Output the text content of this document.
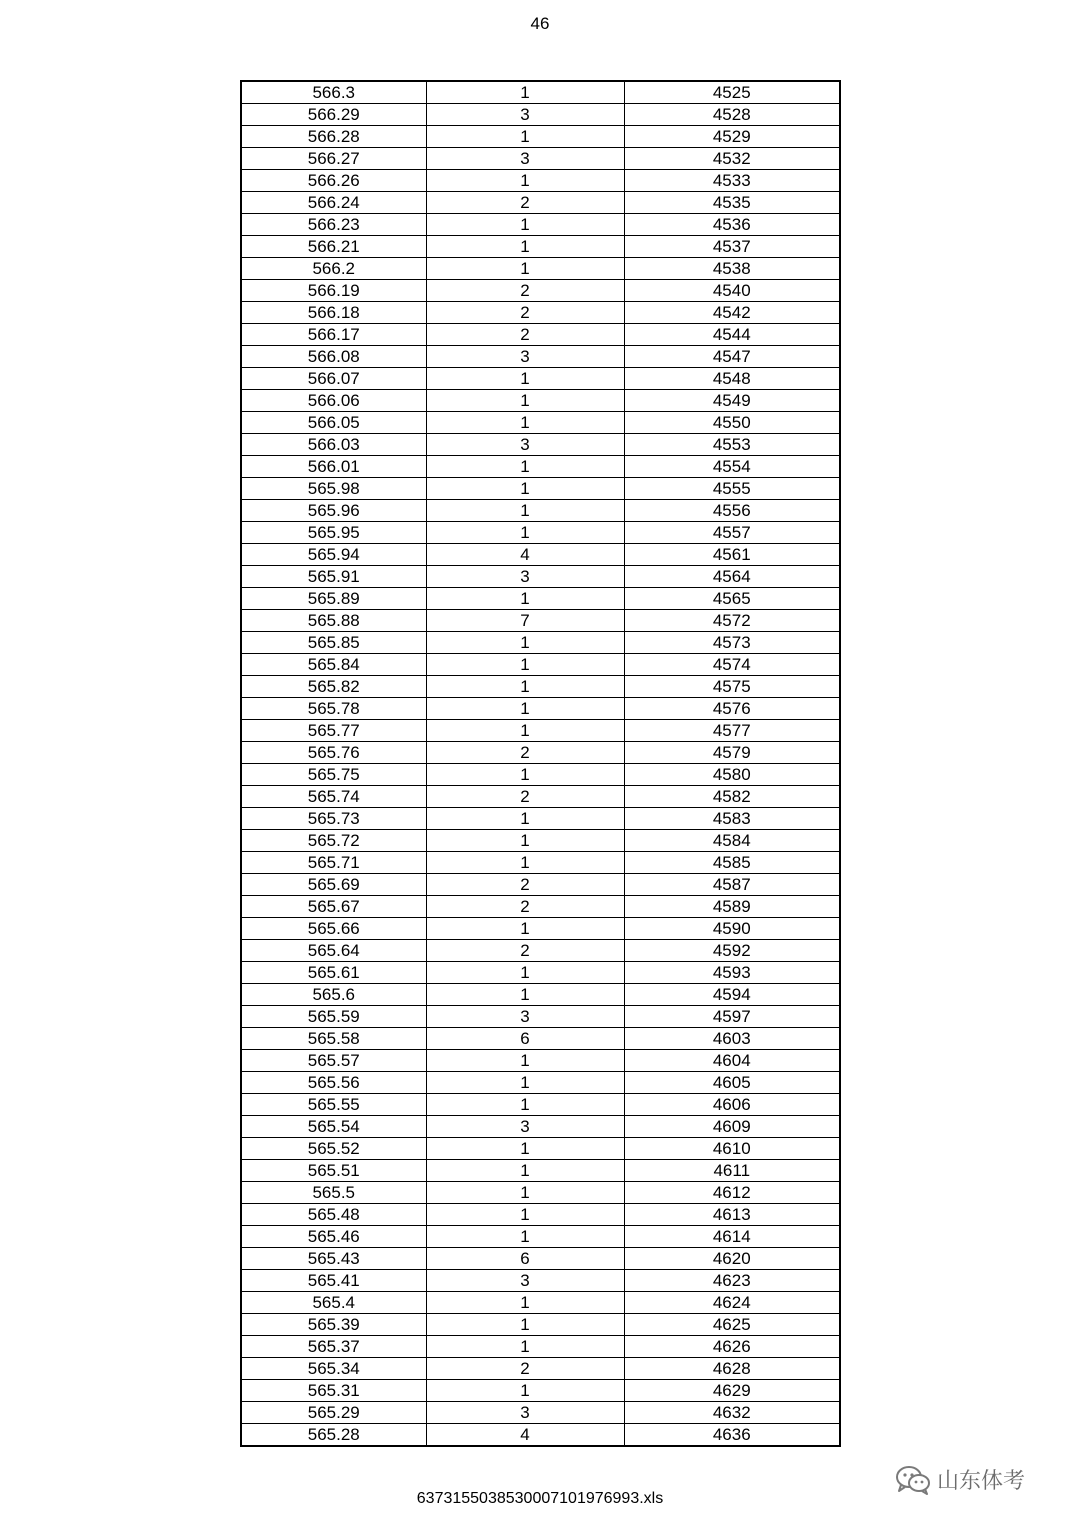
46
566.3	1	4525
566.29	3	4528
566.28	1	4529
566.27	3	4532
566.26	1	4533
566.24	2	4535
566.23	1	4536
566.21	1	4537
566.2	1	4538
566.19	2	4540
566.18	2	4542
566.17	2	4544
566.08	3	4547
566.07	1	4548
566.06	1	4549
566.05	1	4550
566.03	3	4553
566.01	1	4554
565.98	1	4555
565.96	1	4556
565.95	1	4557
565.94	4	4561
565.91	3	4564
565.89	1	4565
565.88	7	4572
565.85	1	4573
565.84	1	4574
565.82	1	4575
565.78	1	4576
565.77	1	4577
565.76	2	4579
565.75	1	4580
565.74	2	4582
565.73	1	4583
565.72	1	4584
565.71	1	4585
565.69	2	4587
565.67	2	4589
565.66	1	4590
565.64	2	4592
565.61	1	4593
565.6	1	4594
565.59	3	4597
565.58	6	4603
565.57	1	4604
565.56	1	4605
565.55	1	4606
565.54	3	4609
565.52	1	4610
565.51	1	4611
565.5	1	4612
565.48	1	4613
565.46	1	4614
565.43	6	4620
565.41	3	4623
565.4	1	4624
565.39	1	4625
565.37	1	4626
565.34	2	4628
565.31	1	4629
565.29	3	4632
565.28	4	4636
6373155038530007101976993.xls
山东体考
